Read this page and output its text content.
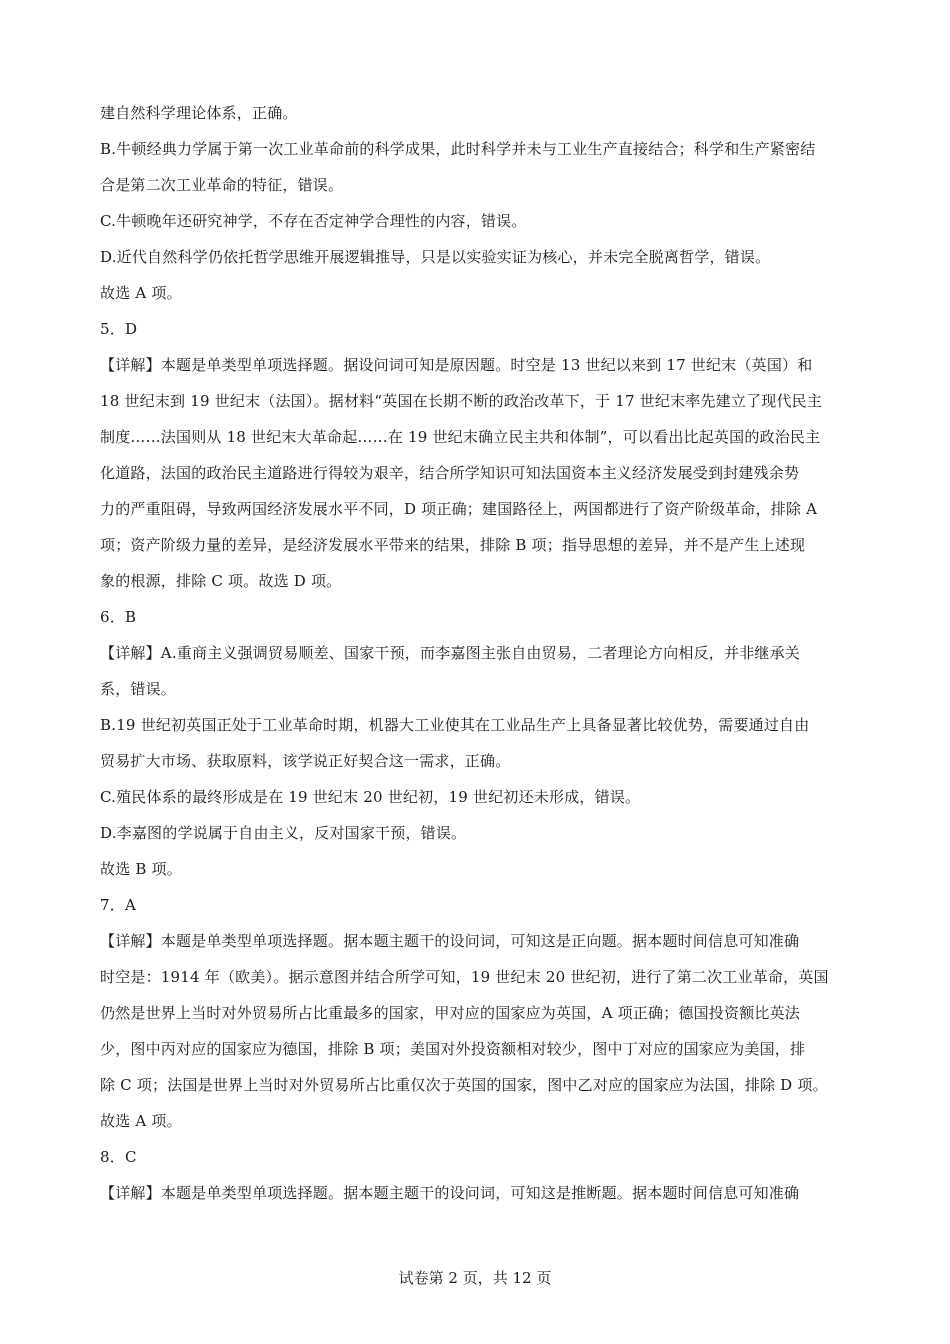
建自然科学理论体系，正确。
B.牛顿经典力学属于第一次工业革命前的科学成果，此时科学并未与工业生产直接结合；科学和生产紧密结
合是第二次工业革命的特征，错误。
C.牛顿晚年还研究神学，不存在否定神学合理性的内容，错误。
D.近代自然科学仍依托哲学思维开展逻辑推导，只是以实验实证为核心，并未完全脱离哲学，错误。
故选 A 项。
5．D
【详解】本题是单类型单项选择题。据设问词可知是原因题。时空是 13 世纪以来到 17 世纪末（英国）和
18 世纪末到 19 世纪末（法国）。据材料“英国在长期不断的政治改革下，于 17 世纪末率先建立了现代民主
制度……法国则从 18 世纪末大革命起……在 19 世纪末确立民主共和体制”，可以看出比起英国的政治民主
化道路，法国的政治民主道路进行得较为艰辛，结合所学知识可知法国资本主义经济发展受到封建残余势
力的严重阻碍，导致两国经济发展水平不同，D 项正确；建国路径上，两国都进行了资产阶级革命，排除 A
项；资产阶级力量的差异，是经济发展水平带来的结果，排除 B 项；指导思想的差异，并不是产生上述现
象的根源，排除 C 项。故选 D 项。
6．B
【详解】A.重商主义强调贸易顺差、国家干预，而李嘉图主张自由贸易，二者理论方向相反，并非继承关
系，错误。
B.19 世纪初英国正处于工业革命时期，机器大工业使其在工业品生产上具备显著比较优势，需要通过自由
贸易扩大市场、获取原料，该学说正好契合这一需求，正确。
C.殖民体系的最终形成是在 19 世纪末 20 世纪初，19 世纪初还未形成，错误。
D.李嘉图的学说属于自由主义，反对国家干预，错误。
故选 B 项。
7．A
【详解】本题是单类型单项选择题。据本题主题干的设问词，可知这是正向题。据本题时间信息可知准确
时空是：1914 年（欧美）。据示意图并结合所学可知，19 世纪末 20 世纪初，进行了第二次工业革命，英国
仍然是世界上当时对外贸易所占比重最多的国家，甲对应的国家应为英国，A 项正确；德国投资额比英法
少，图中丙对应的国家应为德国，排除 B 项；美国对外投资额相对较少，图中丁对应的国家应为美国，排
除 C 项；法国是世界上当时对外贸易所占比重仅次于英国的国家，图中乙对应的国家应为法国，排除 D 项。
故选 A 项。
8．C
【详解】本题是单类型单项选择题。据本题主题干的设问词，可知这是推断题。据本题时间信息可知准确
试卷第 2 页，共 12 页
